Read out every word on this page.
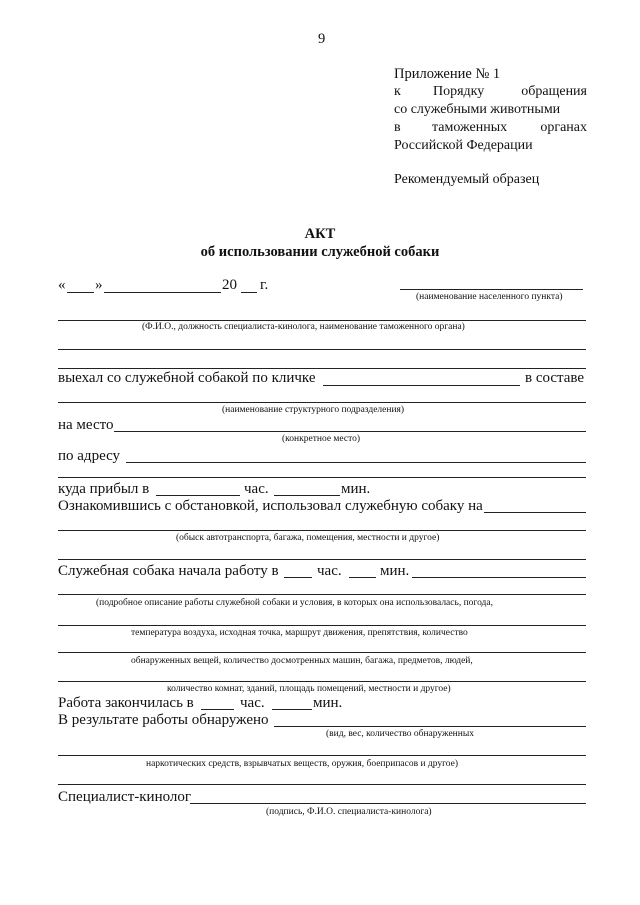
9
Приложение № 1
к Порядку	обращения
со служебными животными
в таможенных органах
Российской Федерации
Рекомендуемый образец
АКТ
об использовании служебной собаки
« »	20 г.
(наименование населенного пункта)
(Ф.И.О., должность специалиста-кинолога, наименование таможенного органа)
выехал со служебной собакой по кличке	в составе
(наименование структурного подразделения)
на место
(конкретное место)
по адресу
куда прибыл в	час.	мин.
Ознакомившись с обстановкой, использовал служебную собаку на
(обыск автотранспорта, багажа, помещения, местности и другое)
Служебная собака начала работу в	час.	мин.
(подробное описание работы служебной собаки и условия, в которых она использовалась, погода,
температура воздуха, исходная точка, маршрут движения, препятствия, количество
обнаруженных вещей, количество досмотренных машин, багажа, предметов, людей,
количество комнат, зданий, площадь помещений, местности и другое)
Работа закончилась в	час.	мин.
В результате работы обнаружено
(вид, вес, количество обнаруженных
наркотических средств, взрывчатых веществ, оружия, боеприпасов и другое)
Специалист-кинолог
(подпись, Ф.И.О. специалиста-кинолога)
